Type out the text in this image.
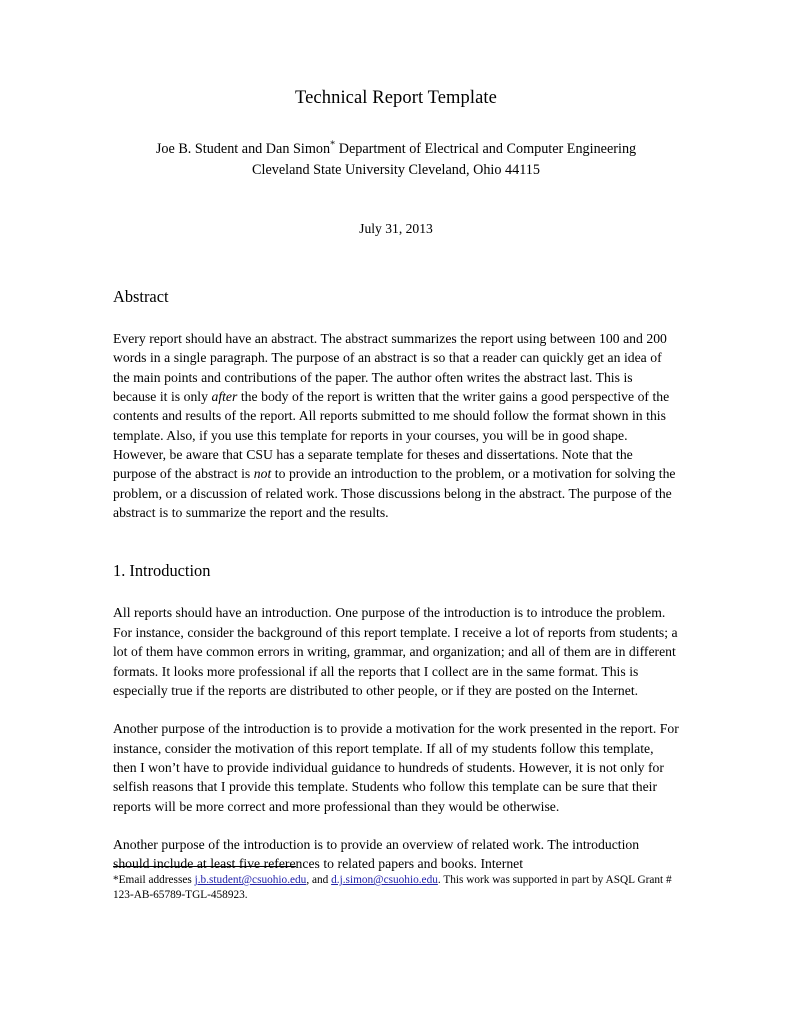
Technical Report Template

Joe B. Student and Dan Simon* Department of Electrical and Computer Engineering
Cleveland State University Cleveland, Ohio 44115

July 31, 2013

Abstract

Every report should have an abstract. The abstract summarizes the report using between 100 and 200 words in a single paragraph. The purpose of an abstract is so that a reader can quickly get an idea of the main points and contributions of the paper. The author often writes the abstract last. This is because it is only after the body of the report is written that the writer gains a good perspective of the contents and results of the report. All reports submitted to me should follow the format shown in this template. Also, if you use this template for reports in your courses, you will be in good shape. However, be aware that CSU has a separate template for theses and dissertations. Note that the purpose of the abstract is not to provide an introduction to the problem, or a motivation for solving the problem, or a discussion of related work. Those discussions belong in the abstract. The purpose of the abstract is to summarize the report and the results.

1. Introduction

All reports should have an introduction. One purpose of the introduction is to introduce the problem. For instance, consider the background of this report template. I receive a lot of reports from students; a lot of them have common errors in writing, grammar, and organization; and all of them are in different formats. It looks more professional if all the reports that I collect are in the same format. This is especially true if the reports are distributed to other people, or if they are posted on the Internet.

Another purpose of the introduction is to provide a motivation for the work presented in the report. For instance, consider the motivation of this report template. If all of my students follow this template, then I won’t have to provide individual guidance to hundreds of students. However, it is not only for selfish reasons that I provide this template. Students who follow this template can be sure that their reports will be more correct and more professional than they would be otherwise.

Another purpose of the introduction is to provide an overview of related work. The introduction should include at least five references to related papers and books. Internet

*Email addresses j.b.student@csuohio.edu, and d.j.simon@csuohio.edu. This work was supported in part by ASQL Grant # 123-AB-65789-TGL-458923.
